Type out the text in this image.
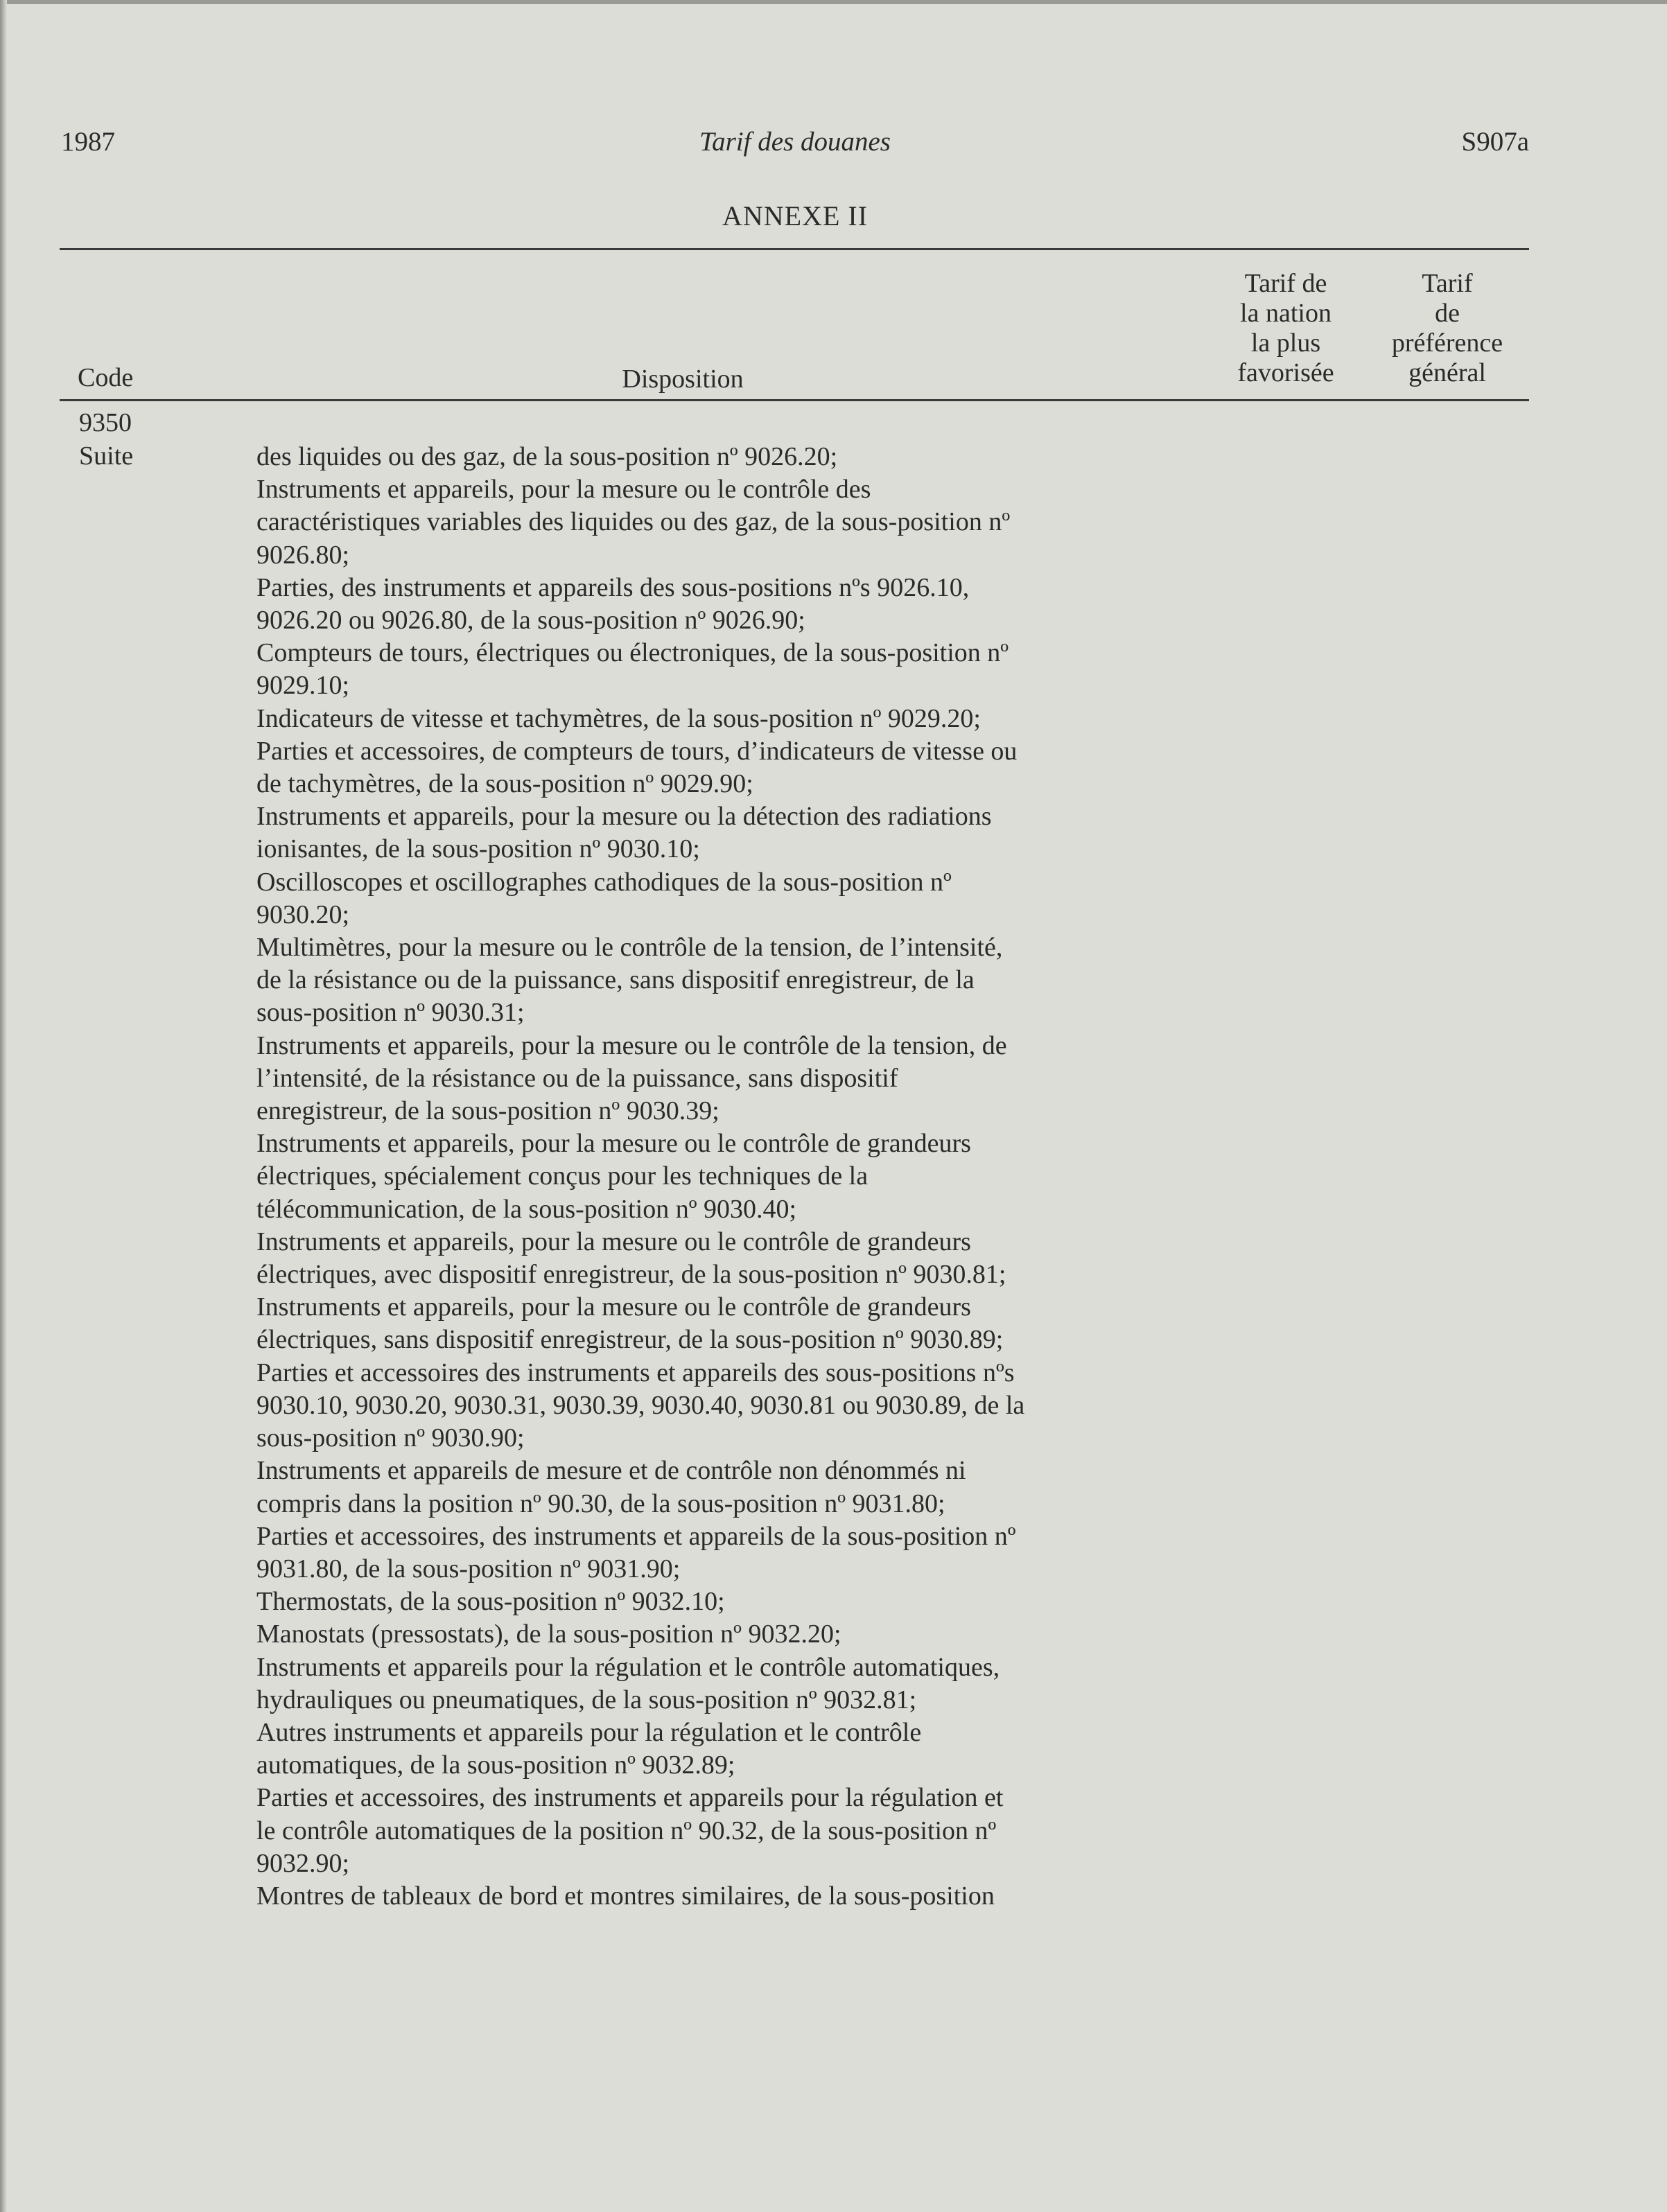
1987	Tarif des douanes	S907a
ANNEXE II
Code	Disposition
Tarif de
la nation
la plus
favorisée
Tarif
de
préférence
général
9350
Suite	des liquides ou des gaz, de la sous-position nº 9026.20;
Instruments et appareils, pour la mesure ou le contrôle des
caractéristiques variables des liquides ou des gaz, de la sous-position nº
9026.80;
Parties, des instruments et appareils des sous-positions nºs 9026.10,
9026.20 ou 9026.80, de la sous-position nº 9026.90;
Compteurs de tours, électriques ou électroniques, de la sous-position nº
9029.10;
Indicateurs de vitesse et tachymètres, de la sous-position nº 9029.20;
Parties et accessoires, de compteurs de tours, d’indicateurs de vitesse ou
de tachymètres, de la sous-position nº 9029.90;
Instruments et appareils, pour la mesure ou la détection des radiations
ionisantes, de la sous-position nº 9030.10;
Oscilloscopes et oscillographes cathodiques de la sous-position nº
9030.20;
Multimètres, pour la mesure ou le contrôle de la tension, de l’intensité,
de la résistance ou de la puissance, sans dispositif enregistreur, de la
sous-position nº 9030.31;
Instruments et appareils, pour la mesure ou le contrôle de la tension, de
l’intensité, de la résistance ou de la puissance, sans dispositif
enregistreur, de la sous-position nº 9030.39;
Instruments et appareils, pour la mesure ou le contrôle de grandeurs
électriques, spécialement conçus pour les techniques de la
télécommunication, de la sous-position nº 9030.40;
Instruments et appareils, pour la mesure ou le contrôle de grandeurs
électriques, avec dispositif enregistreur, de la sous-position nº 9030.81;
Instruments et appareils, pour la mesure ou le contrôle de grandeurs
électriques, sans dispositif enregistreur, de la sous-position nº 9030.89;
Parties et accessoires des instruments et appareils des sous-positions nºs
9030.10, 9030.20, 9030.31, 9030.39, 9030.40, 9030.81 ou 9030.89, de la
sous-position nº 9030.90;
Instruments et appareils de mesure et de contrôle non dénommés ni
compris dans la position nº 90.30, de la sous-position nº 9031.80;
Parties et accessoires, des instruments et appareils de la sous-position nº
9031.80, de la sous-position nº 9031.90;
Thermostats, de la sous-position nº 9032.10;
Manostats (pressostats), de la sous-position nº 9032.20;
Instruments et appareils pour la régulation et le contrôle automatiques,
hydrauliques ou pneumatiques, de la sous-position nº 9032.81;
Autres instruments et appareils pour la régulation et le contrôle
automatiques, de la sous-position nº 9032.89;
Parties et accessoires, des instruments et appareils pour la régulation et
le contrôle automatiques de la position nº 90.32, de la sous-position nº
9032.90;
Montres de tableaux de bord et montres similaires, de la sous-position
